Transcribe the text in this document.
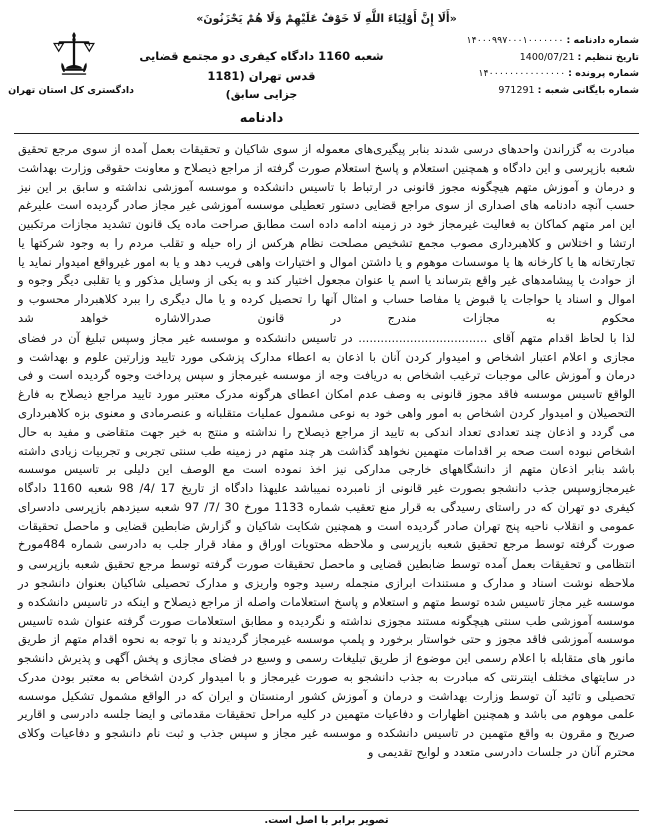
«أَلَا إِنَّ أَوْلِيَاءَ اللَّهِ لَا خَوْفٌ عَلَيْهِمْ وَلَا هُمْ يَحْزَنُونَ»
شماره دادنامه :
۱۴۰۰۰۹۹۷۰۰۰۱۰۰۰۰۰۰۰
تاریخ تنظیم :
1400/07/21
شماره پرونده :
۱۴۰۰۰۰۰۰۰۰۰۰۰۰۰۰۰
شماره بایگانی شعبه :
971291
شعبه 1160 دادگاه کیفری دو مجتمع قضایی قدس تهران (1181
جزایی سابق)
دادنامه
دادگستری کل استان تهران

مبادرت به گزراندن واحدهای درسی شدند بنابر پیگیری‌های معموله از سوی شاکیان و تحقیقات بعمل آمده از سوی مرجع تحقیق شعبه بازپرسی و این دادگاه و همچنین استعلام و پاسخ استعلام صورت گرفته از مراجع ذیصلاح و معاونت حقوقی وزارت بهداشت و درمان و آموزش متهم هیچگونه مجوز قانونی در ارتباط با تاسیس دانشکده و موسسه آموزشی نداشته و سابق بر این نیز حسب آنچه دادنامه های اصداری از سوی مراجع قضایی دستور تعطیلی موسسه آموزشی غیر مجاز صادر گردیده است علیرغم این امر متهم کماکان به فعالیت غیرمجاز خود در زمینه ادامه داده است مطابق صراحت ماده یک قانون تشدید مجازات مرتکبین ارتشا و اختلاس و کلاهبرداری مصوب مجمع تشخیص مصلحت نظام هرکس از راه حیله و تقلب مردم را به وجود شرکتها یا تجارتخانه ها یا کارخانه ها یا موسسات موهوم و یا داشتن اموال و اختیارات واهی فریب دهد و یا به امور غیرواقع امیدوار نماید یا از حوادث یا پیشامدهای غیر واقع بترساند یا اسم یا عنوان مجعول اختیار کند و به یکی از وسایل مذکور و یا تقلبی دیگر وجوه و اموال و اسناد یا حواجات یا قبوض یا مفاصا حساب و امثال آنها را تحصیل کرده و یا مال دیگری را ببرد کلاهبردار محسوب و محکوم به مجازات مندرج در قانون صدرالاشاره خواهد شد

لذا با لحاظ اقدام متهم آقای ................................... در تاسیس دانشکده و موسسه غیر مجاز وسپس تبلیغ آن در فضای مجازی و اعلام اعتبار اشخاص و امیدوار کردن آنان با اذعان به اعطاء مدارک پزشکی مورد تایید وزارتین علوم و بهداشت و درمان و آموزش عالی موجبات ترغیب اشخاص به دریافت وجه از موسسه غیرمجاز و سپس پرداخت وجوه گردیده است و فی الواقع تاسیس موسسه فاقد مجوز قانونی به وصف عدم امکان اعطای هرگونه مدرک معتبر مورد تایید مراجع ذیصلاح به فارغ التحصیلان و امیدوار کردن اشخاص به امور واهی خود به نوعی مشمول عملیات متقلبانه و عنصرمادی و معنوی بزه کلاهبرداری می گردد و اذعان چند تعدادی تعداد اندکی به تایید از مراجع ذیصلاح را نداشته و منتج به خیر جهت متقاضی و مفید به حال اشخاص نبوده است صحه بر اقدامات متهمین نخواهد گذاشت هر چند متهم در زمینه طب سنتی تجربی و تجربیات زیادی داشته باشد بنابر اذعان متهم از دانشگاههای خارجی مدارکی نیز اخذ نموده است مع الوصف این دلیلی بر تاسیس موسسه غیرمجازوسپس جذب دانشجو بصورت غیر قانونی از نامبرده نمیباشد علیهذا دادگاه از تاریخ 17 /4/ 98 شعبه 1160 دادگاه کیفری دو تهران که در راستای رسیدگی به قرار منع تعقیب شماره 1133 مورخ 30 /7/ 97 شعبه سیزدهم بازپرسی دادسرای عمومی و انقلاب ناحیه پنج تهران صادر گردیده است و همچنین شکایت شاکیان و گزارش ضابطین قضایی و ماحصل تحقیقات صورت گرفته توسط مرجع تحقیق شعبه بازپرسی و ملاحظه محتویات اوراق و مفاد قرار جلب به دادرسی شماره 484مورخ

انتظامی و تحقیقات بعمل آمده توسط ضابطین قضایی و ماحصل تحقیقات صورت گرفته توسط مرجع تحقیق شعبه بازپرسی و ملاحظه نوشت اسناد و مدارک و مستندات ابرازی منجمله رسید وجوه واریزی و مدارک تحصیلی شاکیان بعنوان دانشجو در موسسه غیر مجاز تاسیس شده توسط متهم و استعلام و پاسخ استعلامات واصله از مراجع ذیصلاح و اینکه در تاسیس دانشکده و موسسه آموزشی طب سنتی هیچگونه مستند مجوزی نداشته و نگردیده و مطابق استعلامات صورت گرفته عنوان شده تاسیس موسسه آموزشی فاقد مجوز و حتی خواستار برخورد و پلمپ موسسه غیرمجاز گردیدند و با توجه به نحوه اقدام متهم از طریق مانور های متقابله با اعلام رسمی این موضوع از طریق تبلیغات رسمی و وسیع در فضای مجازی و پخش آگهی و پذیرش دانشجو در سایتهای مختلف اینترنتی که مبادرت به جذب دانشجو به صورت غیرمجاز و با امیدوار کردن اشخاص به معتبر بودن مدرک تحصیلی و تائید آن توسط وزارت بهداشت و درمان و آموزش کشور ارمنستان و ایران که در الواقع مشمول تشکیل موسسه علمی موهوم می باشد و همچنین اظهارات و دفاعیات متهمین در کلیه مراحل تحقیقات مقدماتی و ایضا جلسه دادرسی و اقاریر صریح و مقرون به واقع متهمین در تاسیس دانشکده و موسسه غیر مجاز و سپس جذب و ثبت نام دانشجو و دفاعیات وکلای محترم آنان در جلسات دادرسی متعدد و لوایح تقدیمی و

تصویر برابر با اصل است.
